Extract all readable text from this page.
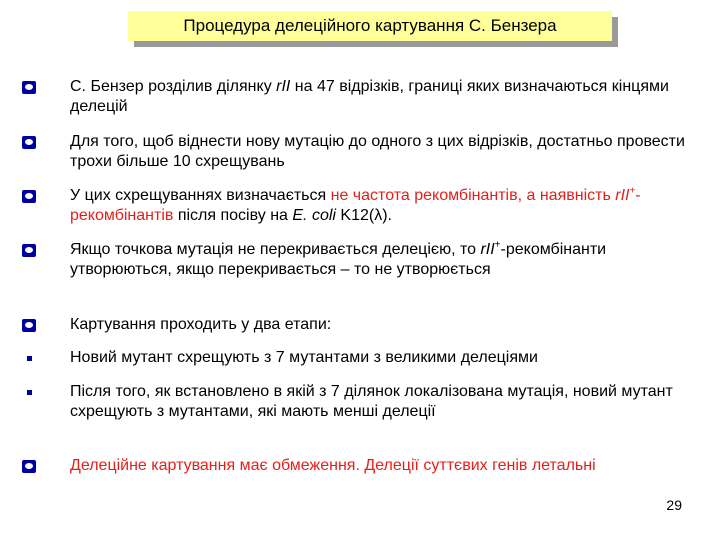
Процедура делеційного картування С. Бензера
С. Бензер розділив ділянку rII на 47 відрізків, границі яких визначаються кінцями делецій
Для того, щоб віднести нову мутацію до одного з цих відрізків, достатньо провести трохи більше 10 схрещувань
У цих схрещуваннях визначається не частота рекомбінантів, а наявність rII+-рекомбінантів після посіву на E. coli K12(λ).
Якщо точкова мутація не перекривається делецією, то rII+-рекомбінанти утворюються, якщо перекривається – то не утворюється
Картування проходить у два етапи:
Новий мутант схрещують з 7 мутантами з великими делеціями
Після того, як встановлено в якій з 7 ділянок локалізована мутація, новий мутант схрещують з мутантами, які мають менші делеції
Делеційне картування має обмеження. Делеції суттєвих генів летальні
29
